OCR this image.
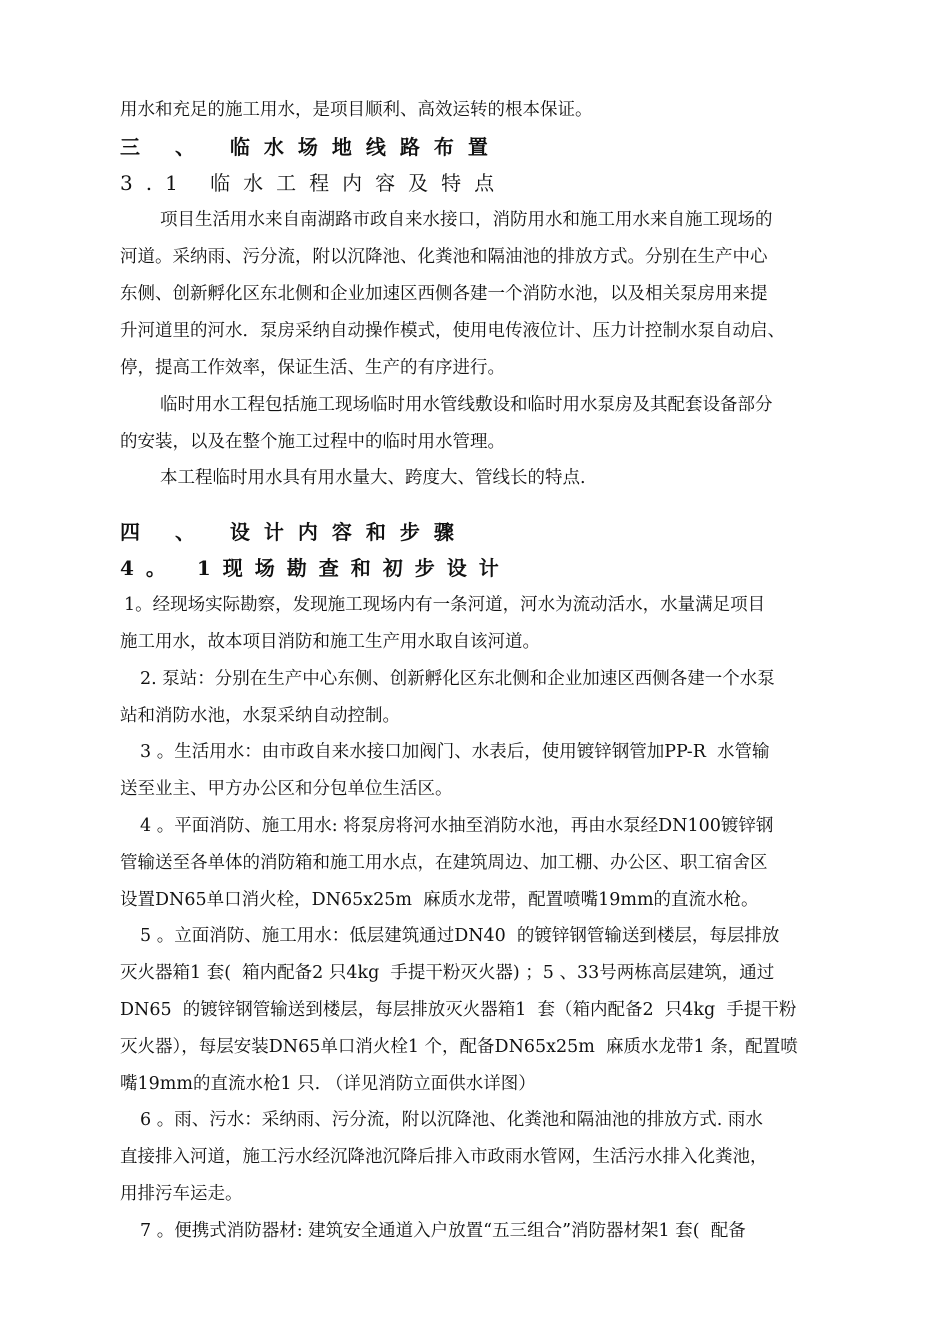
用水和充足的施工用水，是项目顺利、高效运转的根本保证。
三 、 临水场地线路布置
3.1 临水工程内容及特点
项目生活用水来自南湖路市政自来水接口，消防用水和施工用水来自施工现场的
河道。采纳雨、污分流，附以沉降池、化粪池和隔油池的排放方式。分别在生产中心
东侧、创新孵化区东北侧和企业加速区西侧各建一个消防水池，以及相关泵房用来提
升河道里的河水．泵房采纳自动操作模式，使用电传液位计、压力计控制水泵自动启、
停，提高工作效率，保证生活、生产的有序进行。
临时用水工程包括施工现场临时用水管线敷设和临时用水泵房及其配套设备部分
的安装，以及在整个施工过程中的临时用水管理。
本工程临时用水具有用水量大、跨度大、管线长的特点.
四 、 设计内容和步骤
4。 1现场勘查和初步设计
1。经现场实际勘察，发现施工现场内有一条河道，河水为流动活水，水量满足项目
施工用水，故本项目消防和施工生产用水取自该河道。
2. 泵站：分别在生产中心东侧、创新孵化区东北侧和企业加速区西侧各建一个水泵
站和消防水池，水泵采纳自动控制。
3 。生活用水：由市政自来水接口加阀门、水表后，使用镀锌钢管加PP-R  水管输
送至业主、甲方办公区和分包单位生活区。
4 。平面消防、施工用水: 将泵房将河水抽至消防水池，再由水泵经DN100镀锌钢
管输送至各单体的消防箱和施工用水点，在建筑周边、加工棚、办公区、职工宿舍区
设置DN65单口消火栓，DN65x25m  麻质水龙带，配置喷嘴19mm的直流水枪。
5 。立面消防、施工用水：低层建筑通过DN40  的镀锌钢管输送到楼层，每层排放
灭火器箱1 套(  箱内配备2 只4kg  手提干粉灭火器) ；5 、33号两栋高层建筑，通过
DN65  的镀锌钢管输送到楼层，每层排放灭火器箱1  套（箱内配备2  只4kg  手提干粉
灭火器），每层安装DN65单口消火栓1 个，配备DN65x25m  麻质水龙带1 条，配置喷
嘴19mm的直流水枪1 只. （详见消防立面供水详图）
6 。雨、污水：采纳雨、污分流，附以沉降池、化粪池和隔油池的排放方式. 雨水
直接排入河道，施工污水经沉降池沉降后排入市政雨水管网，生活污水排入化粪池，
用排污车运走。
7 。便携式消防器材: 建筑安全通道入户放置“五三组合”消防器材架1 套(  配备
